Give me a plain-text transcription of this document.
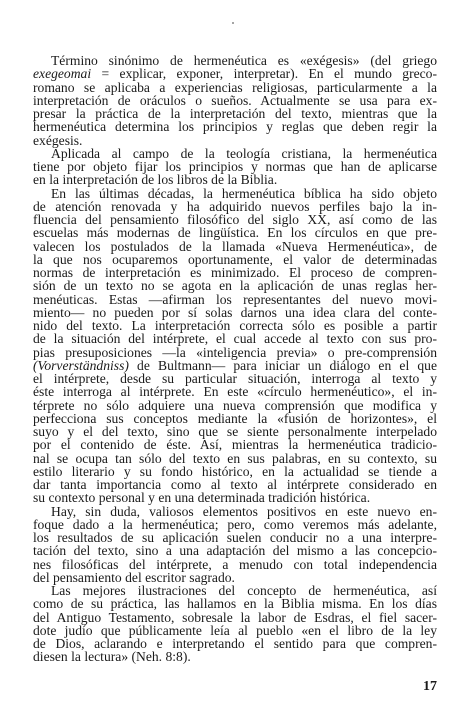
Término sinónimo de hermenéutica es «exégesis» (del griego
exegeomai = explicar, exponer, interpretar). En el mundo greco-
romano se aplicaba a experiencias religiosas, particularmente a la
interpretación de oráculos o sueños. Actualmente se usa para ex-
presar la práctica de la interpretación del texto, mientras que la
hermenéutica determina los principios y reglas que deben regir la
exégesis.
Aplicada al campo de la teología cristiana, la hermenéutica
tiene por objeto fijar los principios y normas que han de aplicarse
en la interpretación de los libros de la Biblia.
En las últimas décadas, la hermenéutica bíblica ha sido objeto
de atención renovada y ha adquirido nuevos perfiles bajo la in-
fluencia del pensamiento filosófico del siglo XX, así como de las
escuelas más modernas de lingüística. En los círculos en que pre-
valecen los postulados de la llamada «Nueva Hermenéutica», de
la que nos ocuparemos oportunamente, el valor de determinadas
normas de interpretación es minimizado. El proceso de compren-
sión de un texto no se agota en la aplicación de unas reglas her-
menéuticas. Estas —afirman los representantes del nuevo movi-
miento— no pueden por sí solas darnos una idea clara del conte-
nido del texto. La interpretación correcta sólo es posible a partir
de la situación del intérprete, el cual accede al texto con sus pro-
pias presuposiciones —la «inteligencia previa» o pre-comprensión
(Vorverständniss) de Bultmann— para iniciar un diálogo en el que
el intérprete, desde su particular situación, interroga al texto y
éste interroga al intérprete. En este «círculo hermenéutico», el in-
térprete no sólo adquiere una nueva comprensión que modifica y
perfecciona sus conceptos mediante la «fusión de horizontes», el
suyo y el del texto, sino que se siente personalmente interpelado
por el contenido de éste. Así, mientras la hermenéutica tradicio-
nal se ocupa tan sólo del texto en sus palabras, en su contexto, su
estilo literario y su fondo histórico, en la actualidad se tiende a
dar tanta importancia como al texto al intérprete considerado en
su contexto personal y en una determinada tradición histórica.
Hay, sin duda, valiosos elementos positivos en este nuevo en-
foque dado a la hermenéutica; pero, como veremos más adelante,
los resultados de su aplicación suelen conducir no a una interpre-
tación del texto, sino a una adaptación del mismo a las concepcio-
nes filosóficas del intérprete, a menudo con total independencia
del pensamiento del escritor sagrado.
Las mejores ilustraciones del concepto de hermenéutica, así
como de su práctica, las hallamos en la Biblia misma. En los días
del Antiguo Testamento, sobresale la labor de Esdras, el fiel sacer-
dote judío que públicamente leía al pueblo «en el libro de la ley
de Dios, aclarando e interpretando el sentido para que compren-
diesen la lectura» (Neh. 8:8).
17
